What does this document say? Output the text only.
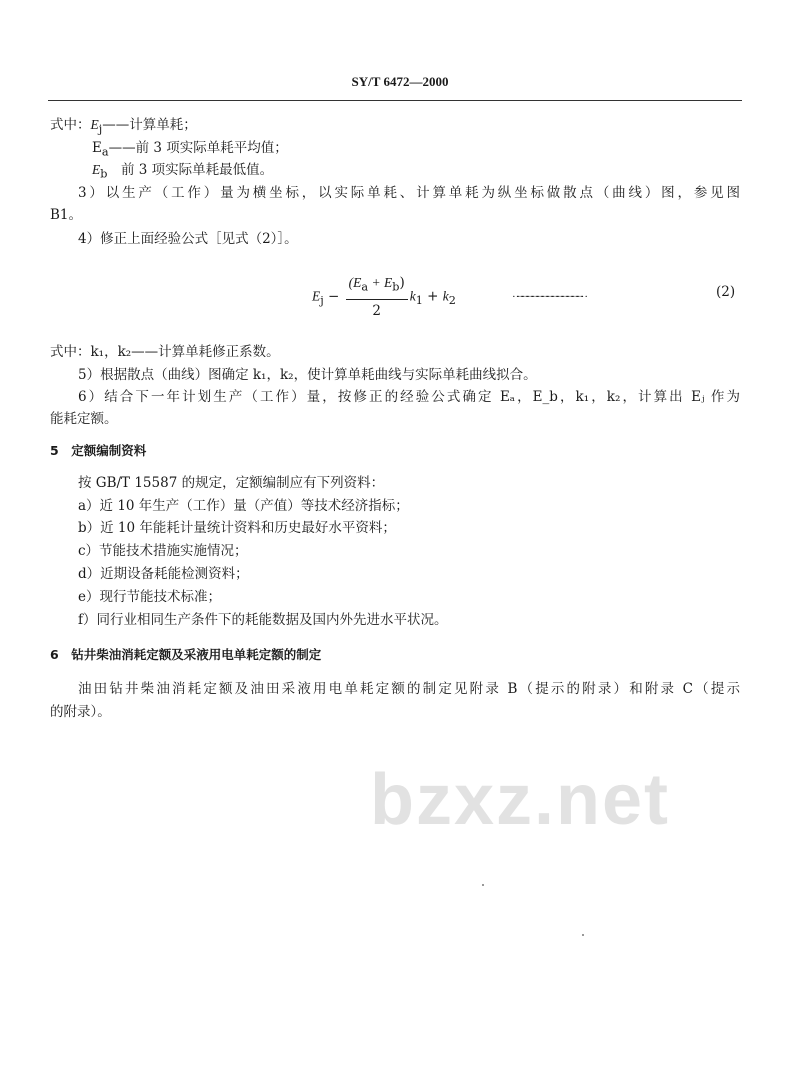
bzxz.net
SY/T 6472—2000
式中：$E_j——$计算单耗；
$E_a——$前 3 项实际单耗平均值；
$E_b$　前 3 项实际单耗最低值。
3）以生产（工作）量为横坐标，以实际单耗、计算单耗为纵坐标做散点（曲线）图，参见图
B1。
4）修正上面经验公式［见式（2）］。
$E_j - \frac{(E_a + E_b)}{2} k_1 + k_2$
……………………………………	(2)
式中：k₁，k₂——计算单耗修正系数。
5）根据散点（曲线）图确定 k₁，k₂，使计算单耗曲线与实际单耗曲线拟合。
6）结合下一年计划生产（工作）量，按修正的经验公式确定 Eₐ，E_b，k₁，k₂，计算出 Eⱼ 作为
能耗定额。
5　定额编制资料
按 GB/T 15587 的规定，定额编制应有下列资料：
a）近 10 年生产（工作）量（产值）等技术经济指标；
b）近 10 年能耗计量统计资料和历史最好水平资料；
c）节能技术措施实施情况；
d）近期设备耗能检测资料；
e）现行节能技术标准；
f）同行业相同生产条件下的耗能数据及国内外先进水平状况。
6　钻井柴油消耗定额及采液用电单耗定额的制定
油田钻井柴油消耗定额及油田采液用电单耗定额的制定见附录 B（提示的附录）和附录 C（提示
的附录）。
